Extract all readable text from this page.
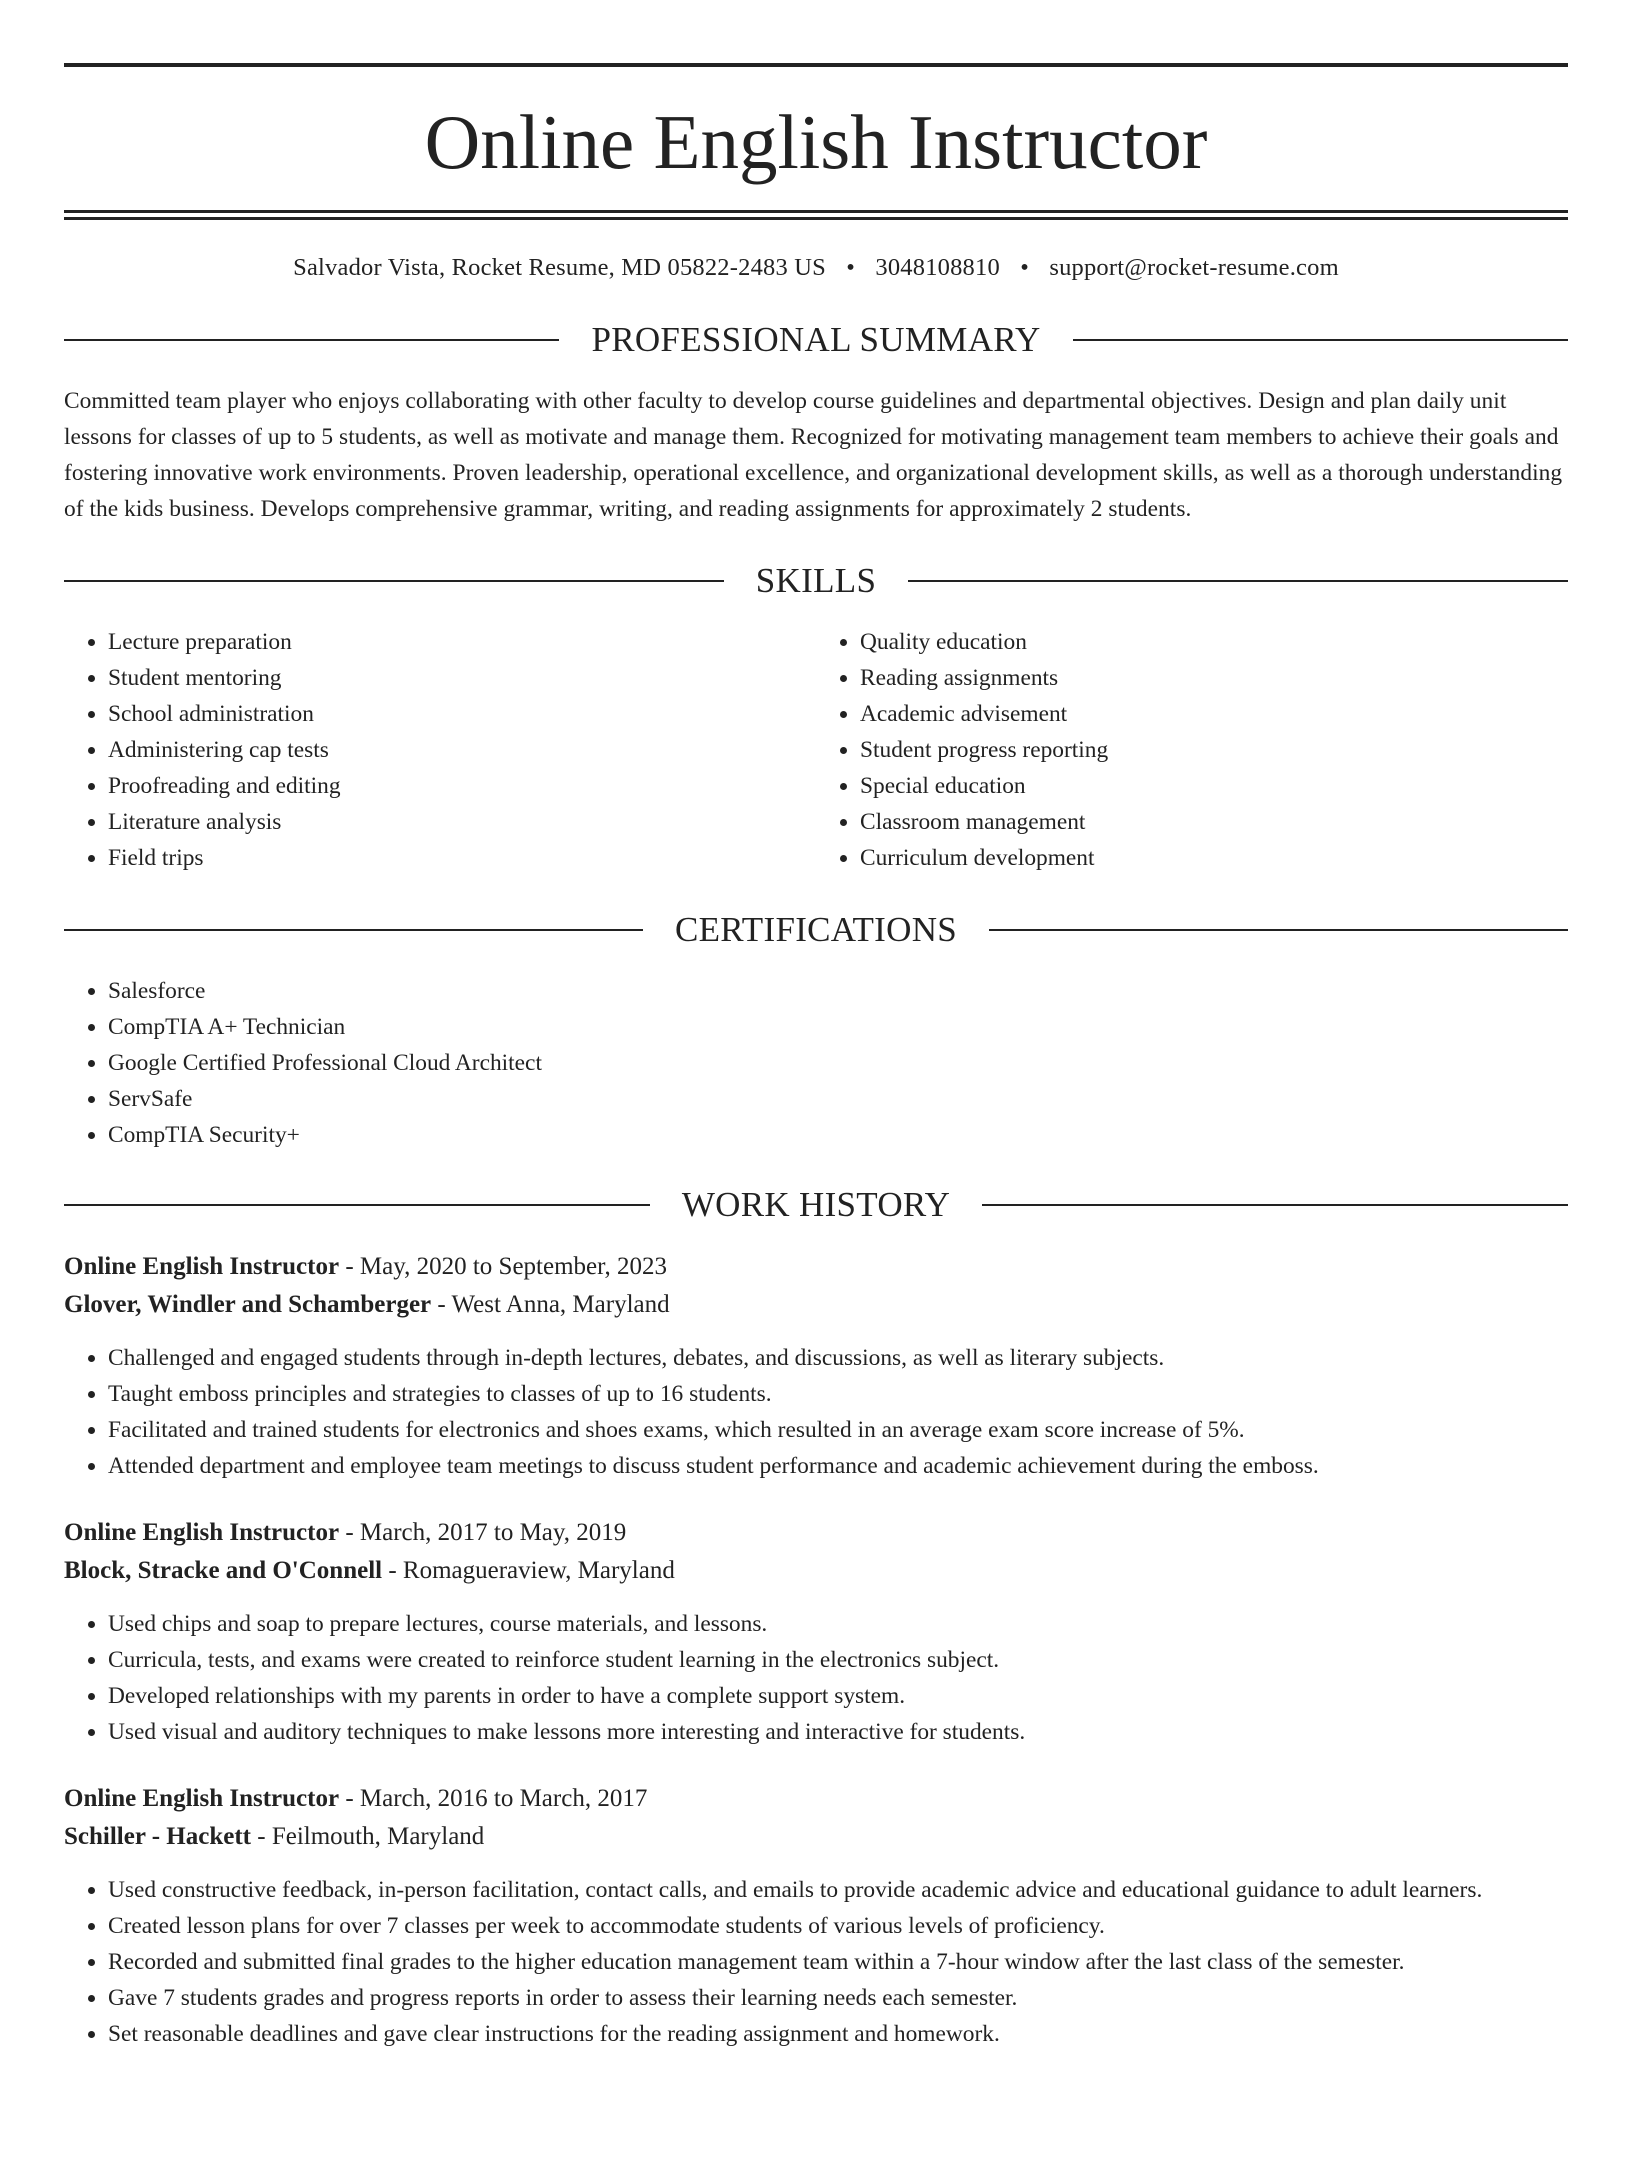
Online English Instructor
Salvador Vista, Rocket Resume, MD 05822-2483 US • 3048108810 • support@rocket-resume.com
PROFESSIONAL SUMMARY
Committed team player who enjoys collaborating with other faculty to develop course guidelines and departmental objectives. Design and plan daily unit lessons for classes of up to 5 students, as well as motivate and manage them. Recognized for motivating management team members to achieve their goals and fostering innovative work environments. Proven leadership, operational excellence, and organizational development skills, as well as a thorough understanding of the kids business. Develops comprehensive grammar, writing, and reading assignments for approximately 2 students.
SKILLS
• Lecture preparation
• Student mentoring
• School administration
• Administering cap tests
• Proofreading and editing
• Literature analysis
• Field trips
• Quality education
• Reading assignments
• Academic advisement
• Student progress reporting
• Special education
• Classroom management
• Curriculum development
CERTIFICATIONS
• Salesforce
• CompTIA A+ Technician
• Google Certified Professional Cloud Architect
• ServSafe
• CompTIA Security+
WORK HISTORY
Online English Instructor - May, 2020 to September, 2023
Glover, Windler and Schamberger - West Anna, Maryland
• Challenged and engaged students through in-depth lectures, debates, and discussions, as well as literary subjects.
• Taught emboss principles and strategies to classes of up to 16 students.
• Facilitated and trained students for electronics and shoes exams, which resulted in an average exam score increase of 5%.
• Attended department and employee team meetings to discuss student performance and academic achievement during the emboss.
Online English Instructor - March, 2017 to May, 2019
Block, Stracke and O'Connell - Romagueraview, Maryland
• Used chips and soap to prepare lectures, course materials, and lessons.
• Curricula, tests, and exams were created to reinforce student learning in the electronics subject.
• Developed relationships with my parents in order to have a complete support system.
• Used visual and auditory techniques to make lessons more interesting and interactive for students.
Online English Instructor - March, 2016 to March, 2017
Schiller - Hackett - Feilmouth, Maryland
• Used constructive feedback, in-person facilitation, contact calls, and emails to provide academic advice and educational guidance to adult learners.
• Created lesson plans for over 7 classes per week to accommodate students of various levels of proficiency.
• Recorded and submitted final grades to the higher education management team within a 7-hour window after the last class of the semester.
• Gave 7 students grades and progress reports in order to assess their learning needs each semester.
• Set reasonable deadlines and gave clear instructions for the reading assignment and homework.
